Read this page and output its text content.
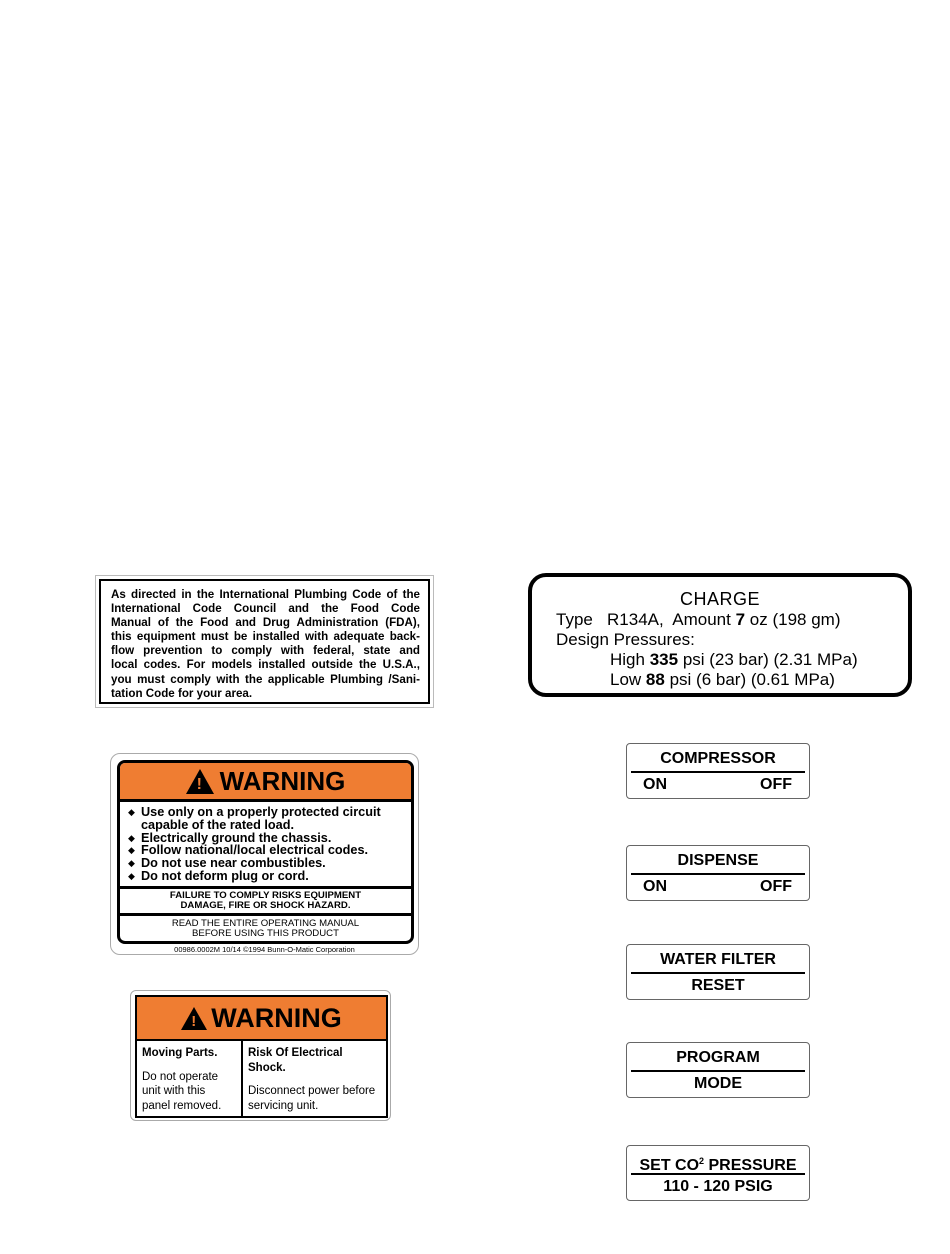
As directed in the International Plumbing Code of the
International Code Council and the Food Code
Manual of the Food and Drug Administration (FDA),
this equipment must be installed with adequate back-
flow prevention to comply with federal, state and
local codes. For models installed outside the U.S.A.,
you must comply with the applicable Plumbing /Sani-
tation Code for your area.
CHARGE
Type R134A, Amount 7 oz (198 gm)
Design Pressures:
High 335 psi (23 bar) (2.31 MPa)
Low 88 psi (6 bar) (0.61 MPa)
!
WARNING
◆ Use only on a properly protected circuit
capable of the rated load.
◆ Electrically ground the chassis.
◆ Follow national/local electrical codes.
◆ Do not use near combustibles.
◆ Do not deform plug or cord.
FAILURE TO COMPLY RISKS EQUIPMENT
DAMAGE, FIRE OR SHOCK HAZARD.
READ THE ENTIRE OPERATING MANUAL
BEFORE USING THIS PRODUCT
00986.0002M 10/14 ©1994 Bunn-O-Matic Corporation
!
WARNING
Moving Parts.
Do not operate
unit with this
panel removed.
Risk Of Electrical Shock.
Disconnect power before
servicing unit.
COMPRESSOR
ON	OFF
DISPENSE
ON	OFF
WATER FILTER
RESET
PROGRAM
MODE
SET $CO^2$ PRESSURE
110 - 120 PSIG
